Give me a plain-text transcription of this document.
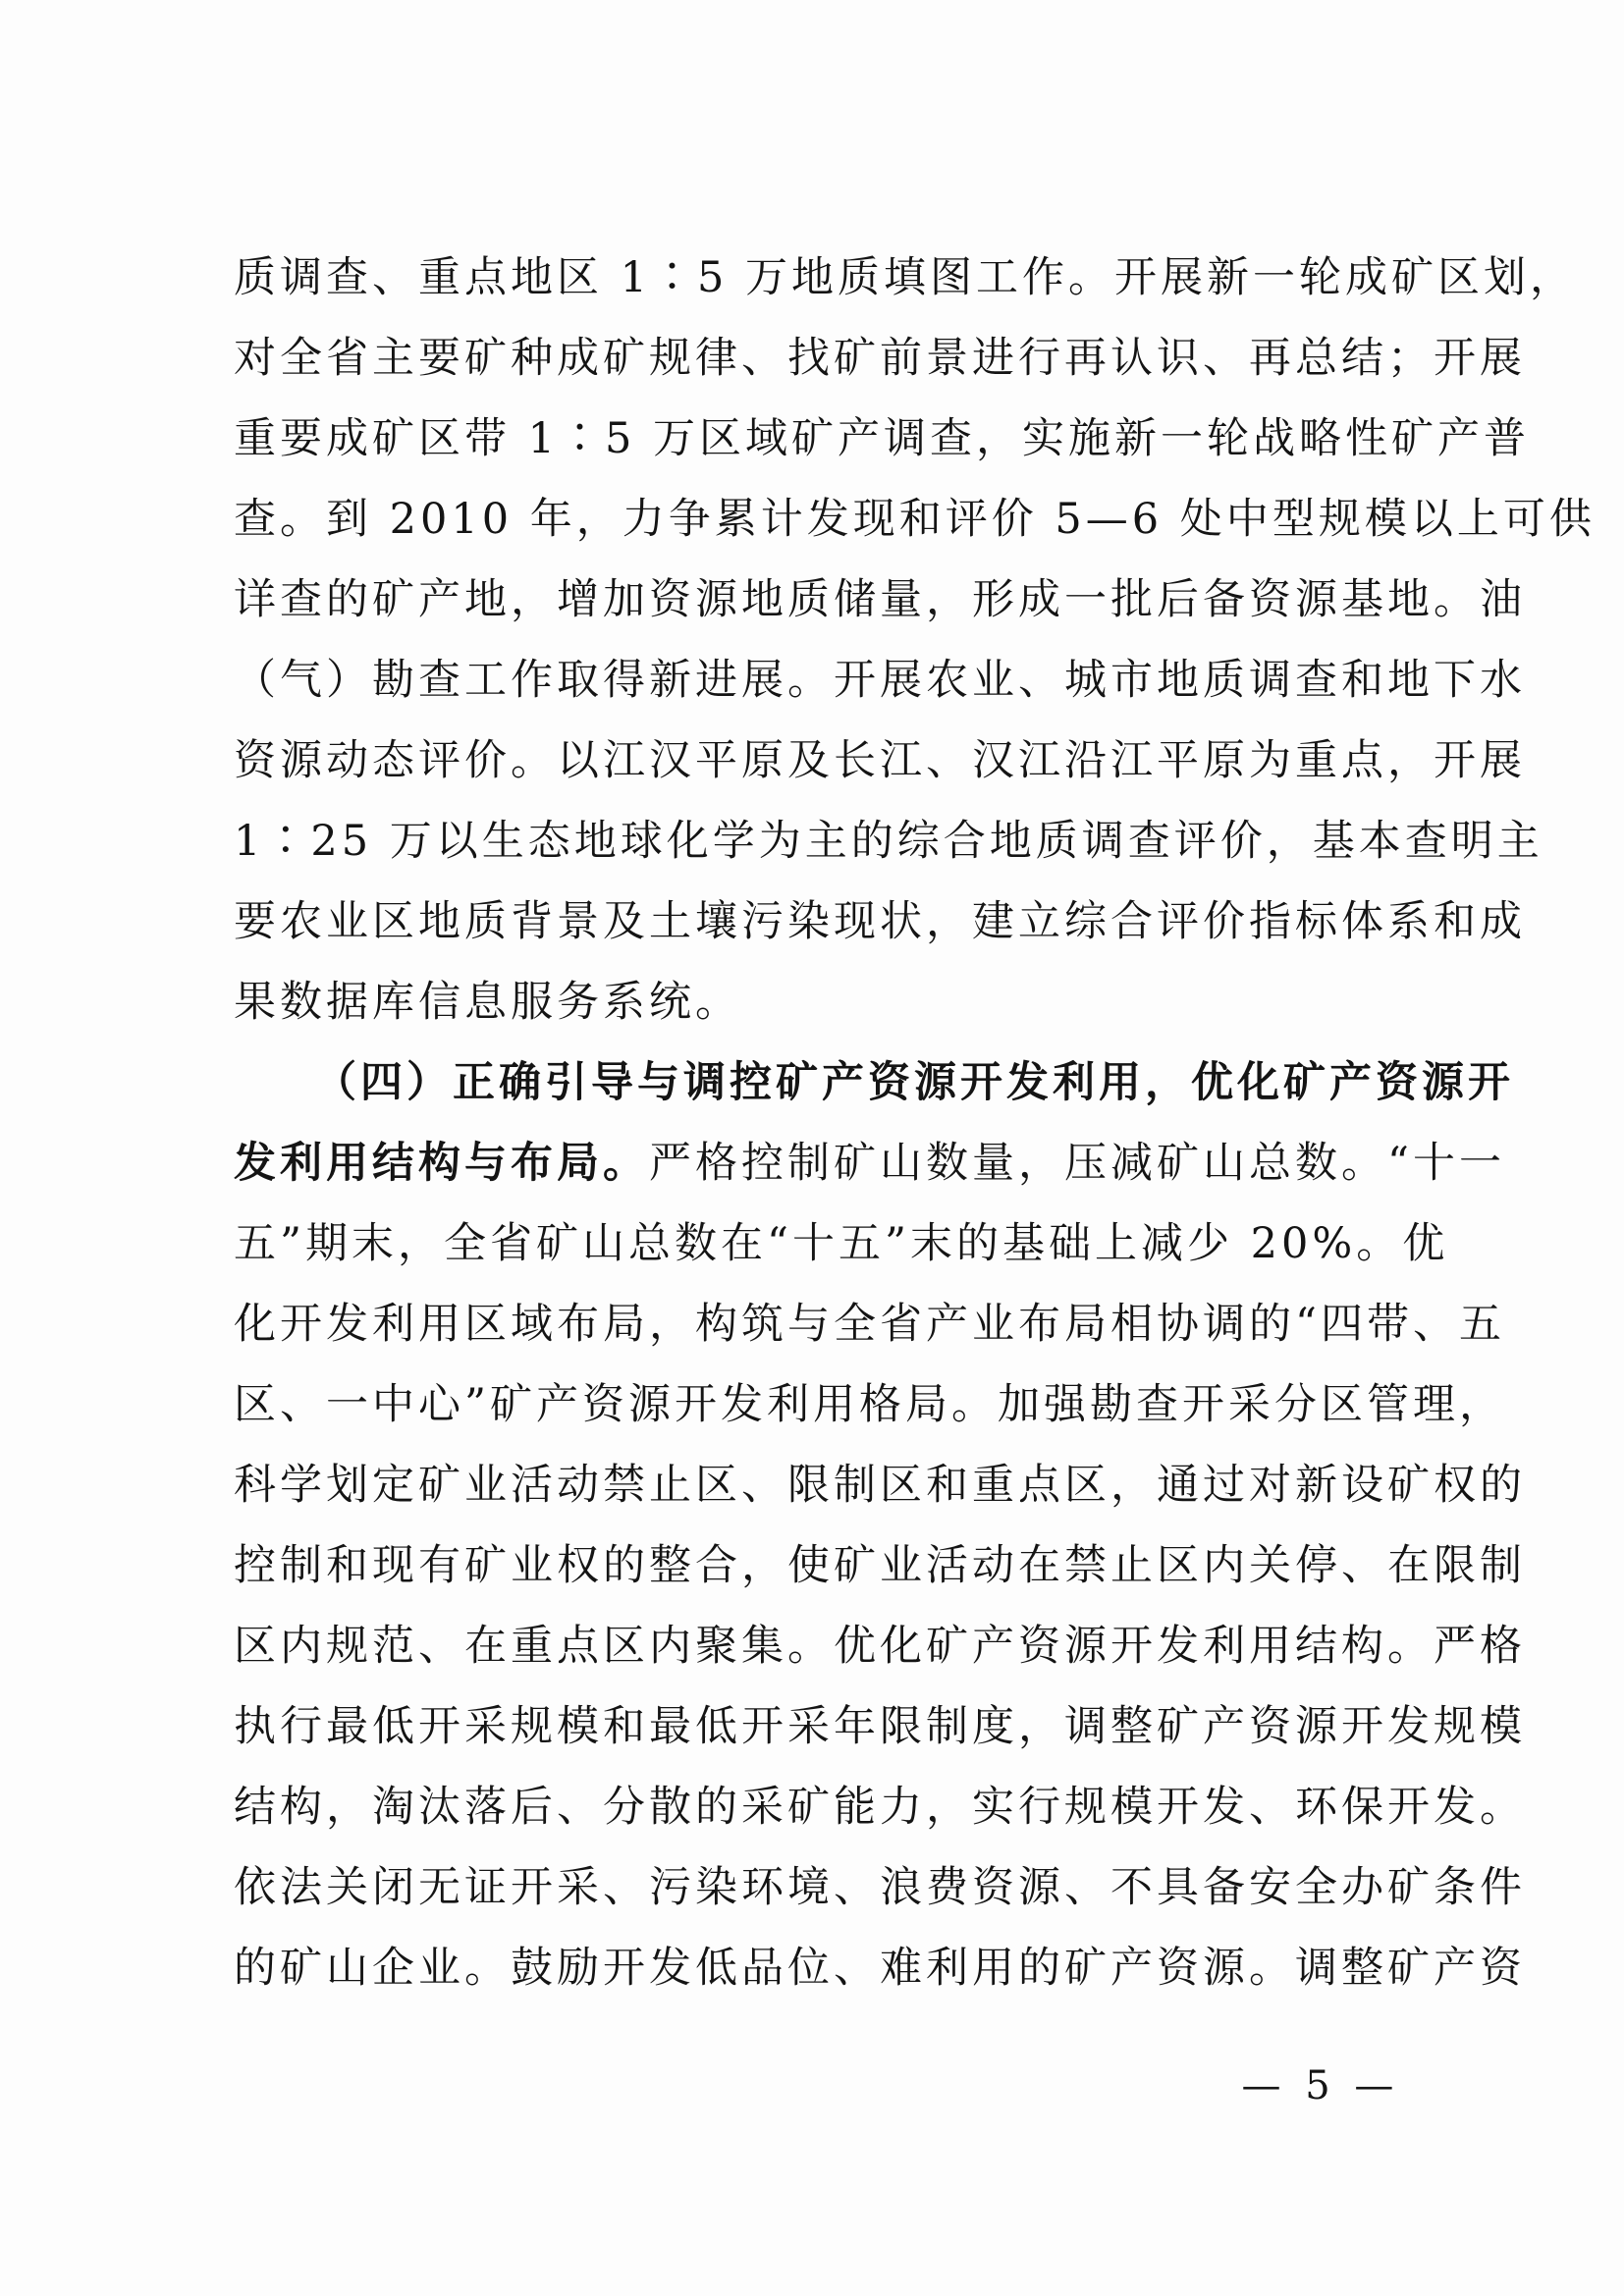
质调查、重点地区 1∶5 万地质填图工作。开展新一轮成矿区划，
对全省主要矿种成矿规律、找矿前景进行再认识、再总结；开展
重要成矿区带 1∶5 万区域矿产调查，实施新一轮战略性矿产普
查。到 2010 年，力争累计发现和评价 5—6 处中型规模以上可供
详查的矿产地，增加资源地质储量，形成一批后备资源基地。油
（气）勘查工作取得新进展。开展农业、城市地质调查和地下水
资源动态评价。以江汉平原及长江、汉江沿江平原为重点，开展
1∶25 万以生态地球化学为主的综合地质调查评价，基本查明主
要农业区地质背景及土壤污染现状，建立综合评价指标体系和成
果数据库信息服务系统。
（四）正确引导与调控矿产资源开发利用，优化矿产资源开
发利用结构与布局。严格控制矿山数量，压减矿山总数。“十一
五”期末，全省矿山总数在“十五”末的基础上减少 20%。优
化开发利用区域布局，构筑与全省产业布局相协调的“四带、五
区、一中心”矿产资源开发利用格局。加强勘查开采分区管理，
科学划定矿业活动禁止区、限制区和重点区，通过对新设矿权的
控制和现有矿业权的整合，使矿业活动在禁止区内关停、在限制
区内规范、在重点区内聚集。优化矿产资源开发利用结构。严格
执行最低开采规模和最低开采年限制度，调整矿产资源开发规模
结构，淘汰落后、分散的采矿能力，实行规模开发、环保开发。
依法关闭无证开采、污染环境、浪费资源、不具备安全办矿条件
的矿山企业。鼓励开发低品位、难利用的矿产资源。调整矿产资
— 5 —
